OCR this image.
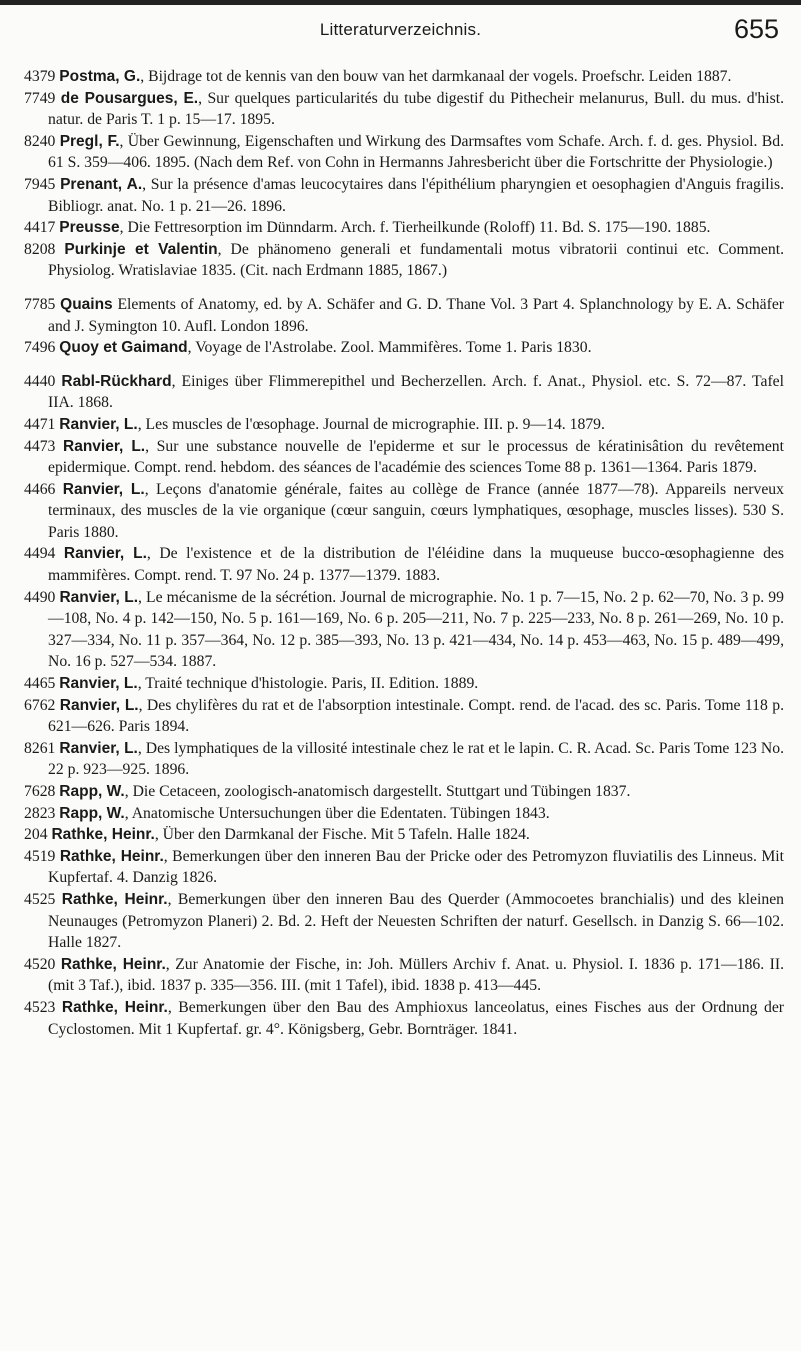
Litteraturverzeichnis.	655
4379 Postma, G., Bijdrage tot de kennis van den bouw van het darmkanaal der vogels. Proefschr. Leiden 1887.
7749 de Pousargues, E., Sur quelques particularités du tube digestif du Pithecheir melanurus, Bull. du mus. d'hist. natur. de Paris T. 1 p. 15—17. 1895.
8240 Pregl, F., Über Gewinnung, Eigenschaften und Wirkung des Darmsaftes vom Schafe. Arch. f. d. ges. Physiol. Bd. 61 S. 359—406. 1895. (Nach dem Ref. von Cohn in Hermanns Jahresbericht über die Fortschritte der Physiologie.)
7945 Prenant, A., Sur la présence d'amas leucocytaires dans l'épithélium pharyngien et oesophagien d'Anguis fragilis. Bibliogr. anat. No. 1 p. 21—26. 1896.
4417 Preusse, Die Fettresorption im Dünndarm. Arch. f. Tierheilkunde (Roloff) 11. Bd. S. 175—190. 1885.
8208 Purkinje et Valentin, De phänomeno generali et fundamentali motus vibratorii continui etc. Comment. Physiolog. Wratislaviae 1835. (Cit. nach Erdmann 1885, 1867.)
7785 Quains Elements of Anatomy, ed. by A. Schäfer and G. D. Thane Vol. 3 Part 4. Splanchnology by E. A. Schäfer and J. Symington 10. Aufl. London 1896.
7496 Quoy et Gaimand, Voyage de l'Astrolabe. Zool. Mammifères. Tome 1. Paris 1830.
4440 Rabl-Rückhard, Einiges über Flimmerepithel und Becherzellen. Arch. f. Anat., Physiol. etc. S. 72—87. Tafel IIA. 1868.
4471 Ranvier, L., Les muscles de l'œsophage. Journal de micrographie. III. p. 9—14. 1879.
4473 Ranvier, L., Sur une substance nouvelle de l'epiderme et sur le processus de kératinisâtion du revêtement epidermique. Compt. rend. hebdom. des séances de l'académie des sciences Tome 88 p. 1361—1364. Paris 1879.
4466 Ranvier, L., Leçons d'anatomie générale, faites au collège de France (année 1877—78). Appareils nerveux terminaux, des muscles de la vie organique (cœur sanguin, cœurs lymphatiques, œsophage, muscles lisses). 530 S. Paris 1880.
4494 Ranvier, L., De l'existence et de la distribution de l'éléidine dans la muqueuse bucco-œsophagienne des mammifères. Compt. rend. T. 97 No. 24 p. 1377—1379. 1883.
4490 Ranvier, L., Le mécanisme de la sécrétion. Journal de micrographie. No. 1 p. 7—15, No. 2 p. 62—70, No. 3 p. 99—108, No. 4 p. 142—150, No. 5 p. 161—169, No. 6 p. 205—211, No. 7 p. 225—233, No. 8 p. 261—269, No. 10 p. 327—334, No. 11 p. 357—364, No. 12 p. 385—393, No. 13 p. 421—434, No. 14 p. 453—463, No. 15 p. 489—499, No. 16 p. 527—534. 1887.
4465 Ranvier, L., Traité technique d'histologie. Paris, II. Edition. 1889.
6762 Ranvier, L., Des chylifères du rat et de l'absorption intestinale. Compt. rend. de l'acad. des sc. Paris. Tome 118 p. 621—626. Paris 1894.
8261 Ranvier, L., Des lymphatiques de la villosité intestinale chez le rat et le lapin. C. R. Acad. Sc. Paris Tome 123 No. 22 p. 923—925. 1896.
7628 Rapp, W., Die Cetaceen, zoologisch-anatomisch dargestellt. Stuttgart und Tübingen 1837.
2823 Rapp, W., Anatomische Untersuchungen über die Edentaten. Tübingen 1843.
204 Rathke, Heinr., Über den Darmkanal der Fische. Mit 5 Tafeln. Halle 1824.
4519 Rathke, Heinr., Bemerkungen über den inneren Bau der Pricke oder des Petromyzon fluviatilis des Linneus. Mit Kupfertaf. 4. Danzig 1826.
4525 Rathke, Heinr., Bemerkungen über den inneren Bau des Querder (Ammocoetes branchialis) und des kleinen Neunauges (Petromyzon Planeri) 2. Bd. 2. Heft der Neuesten Schriften der naturf. Gesellsch. in Danzig S. 66—102. Halle 1827.
4520 Rathke, Heinr., Zur Anatomie der Fische, in: Joh. Müllers Archiv f. Anat. u. Physiol. I. 1836 p. 171—186. II. (mit 3 Taf.), ibid. 1837 p. 335—356. III. (mit 1 Tafel), ibid. 1838 p. 413—445.
4523 Rathke, Heinr., Bemerkungen über den Bau des Amphioxus lanceolatus, eines Fisches aus der Ordnung der Cyclostomen. Mit 1 Kupfertaf. gr. 4°. Königsberg, Gebr. Bornträger. 1841.
